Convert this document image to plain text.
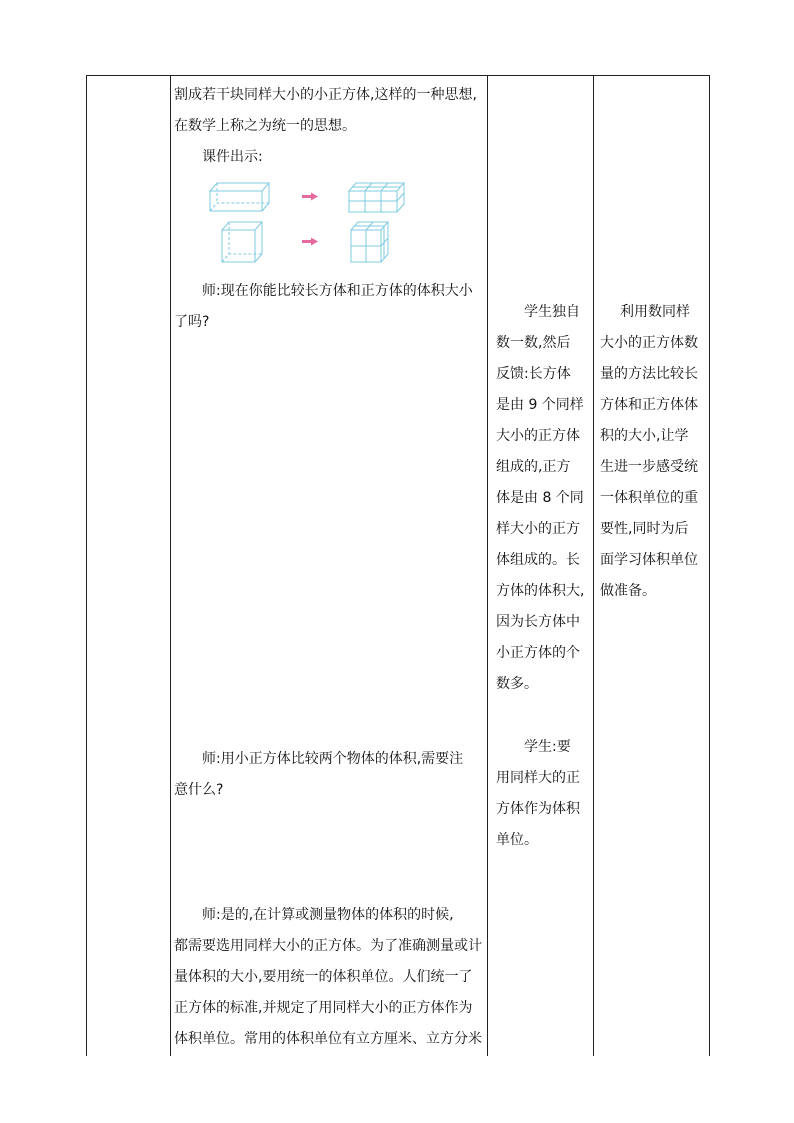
割成若干块同样大小的小正方体,这样的一种思想,
在数学上称之为统一的思想。
课件出示:
师:现在你能比较长方体和正方体的体积大小
了吗?
师:用小正方体比较两个物体的体积,需要注
意什么?
师:是的,在计算或测量物体的体积的时候,
都需要选用同样大小的正方体。为了准确测量或计
量体积的大小,要用统一的体积单位。人们统一了
正方体的标准,并规定了用同样大小的正方体作为
体积单位。常用的体积单位有立方厘米、立方分米
学生独自
数一数,然后
反馈:长方体
是由 9 个同样
大小的正方体
组成的,正方
体是由 8 个同
样大小的正方
体组成的。长
方体的体积大,
因为长方体中
小正方体的个
数多。
学生:要
用同样大的正
方体作为体积
单位。
利用数同样
大小的正方体数
量的方法比较长
方体和正方体体
积的大小,让学
生进一步感受统
一体积单位的重
要性,同时为后
面学习体积单位
做准备。
